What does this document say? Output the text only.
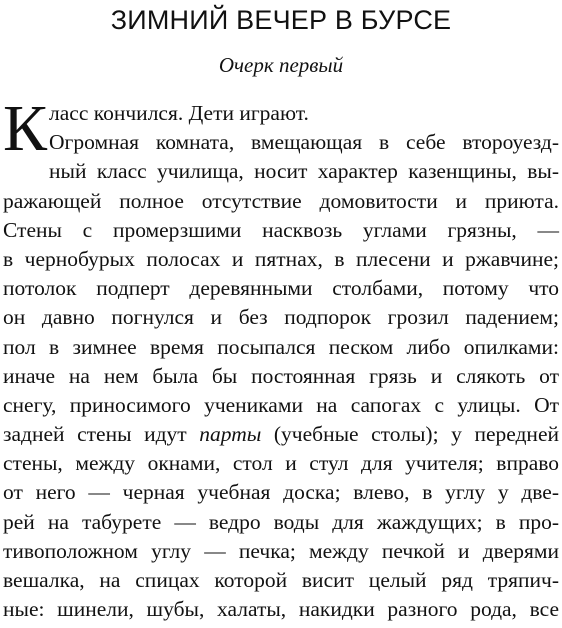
ЗИМНИЙ ВЕЧЕР В БУРСЕ
Очерк первый
К ласс кончился. Дети играют.
Огромная комната, вмещающая в себе второуезд-
ный класс училища, носит характер казенщины, вы-
ражающей полное отсутствие домовитости и приюта.
Стены с промерзшими насквозь углами грязны, —
в чернобурых полосах и пятнах, в плесени и ржавчине;
потолок подперт деревянными столбами, потому что
он давно погнулся и без подпорок грозил падением;
пол в зимнее время посыпался песком либо опилками:
иначе на нем была бы постоянная грязь и слякоть от
снегу, приносимого учениками на сапогах с улицы. От
задней стены идут парты (учебные столы); у передней
стены, между окнами, стол и стул для учителя; вправо
от него — черная учебная доска; влево, в углу у две-
рей на табурете — ведро воды для жаждущих; в про-
тивоположном углу — печка; между печкой и дверями
вешалка, на спицах которой висит целый ряд тряпич-
ные: шинели, шубы, халаты, накидки разного рода, все
